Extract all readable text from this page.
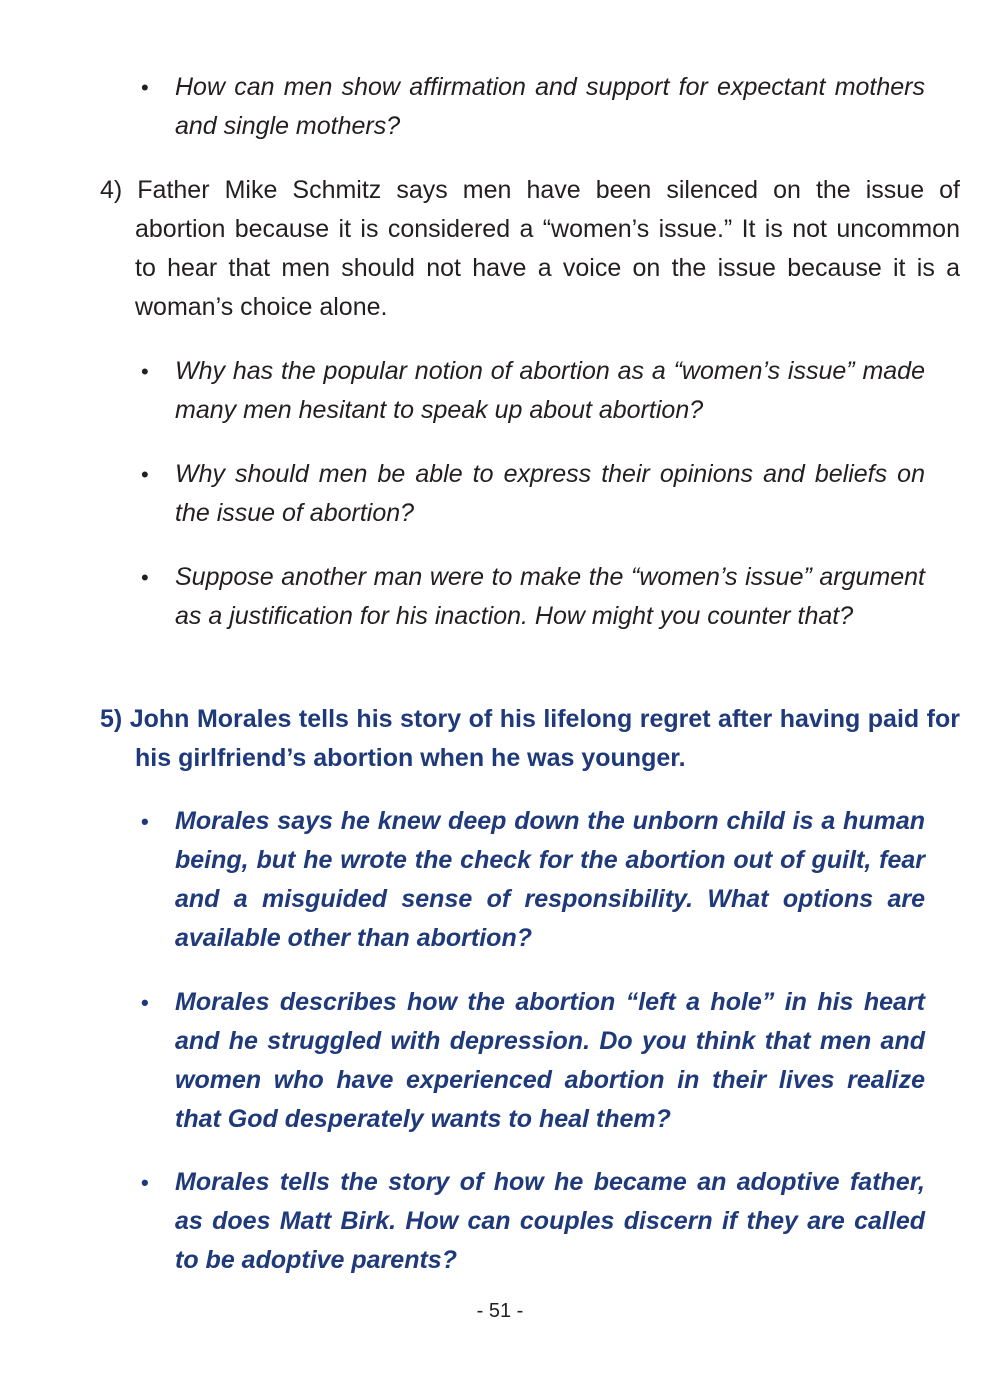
• How can men show affirmation and support for expectant mothers and single mothers?

4) Father Mike Schmitz says men have been silenced on the issue of abortion because it is considered a “women’s issue.” It is not uncommon to hear that men should not have a voice on the issue because it is a woman’s choice alone.

• Why has the popular notion of abortion as a “women’s issue” made many men hesitant to speak up about abortion?

• Why should men be able to express their opinions and beliefs on the issue of abortion?

• Suppose another man were to make the “women’s issue” argument as a justification for his inaction. How might you counter that?

5) John Morales tells his story of his lifelong regret after having paid for his girlfriend’s abortion when he was younger.

• Morales says he knew deep down the unborn child is a human being, but he wrote the check for the abortion out of guilt, fear and a misguided sense of responsibility. What options are available other than abortion?

• Morales describes how the abortion “left a hole” in his heart and he struggled with depression. Do you think that men and women who have experienced abortion in their lives realize that God desperately wants to heal them?

• Morales tells the story of how he became an adoptive father, as does Matt Birk. How can couples discern if they are called to be adoptive parents?

- 51 -
